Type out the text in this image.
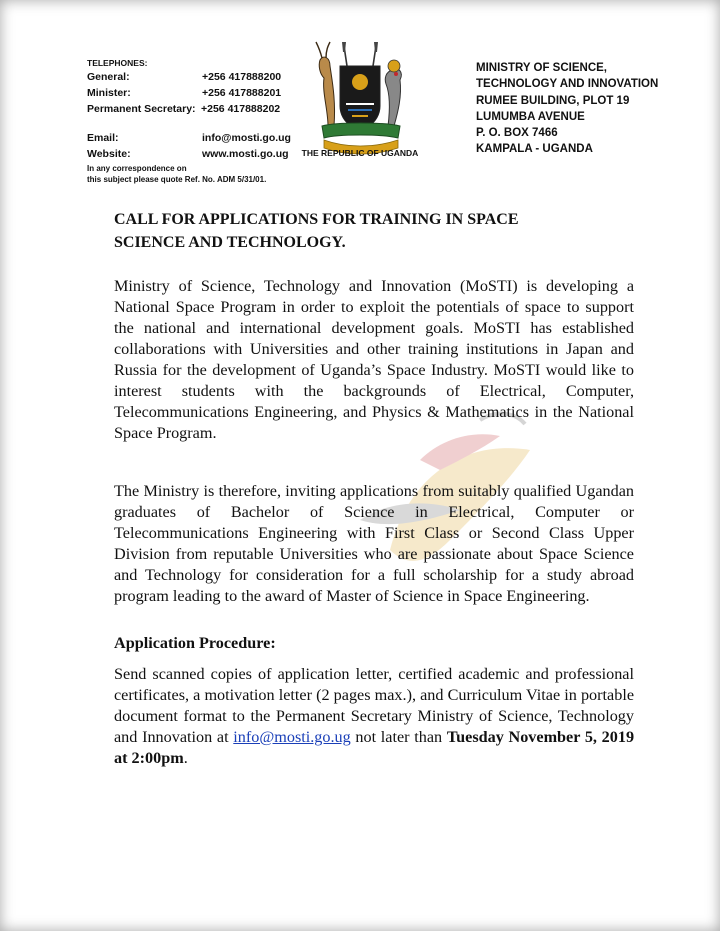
TELEPHONES:
General:	+256 417888200
Minister:	+256 417888201
Permanent Secretary: +256 417888202
Email:	info@mosti.go.ug
Website:	www.mosti.go.ug
In any correspondence on
this subject please quote Ref. No. ADM 5/31/01.
THE REPUBLIC OF UGANDA
MINISTRY OF SCIENCE,
TECHNOLOGY AND INNOVATION
RUMEE BUILDING, PLOT 19
LUMUMBA AVENUE
P. O. BOX 7466
KAMPALA - UGANDA
CALL FOR APPLICATIONS FOR TRAINING IN SPACE
SCIENCE AND TECHNOLOGY.

Ministry of Science, Technology and Innovation (MoSTI) is developing a National Space Program in order to exploit the potentials of space to support the national and international development goals. MoSTI has established collaborations with Universities and other training institutions in Japan and Russia for the development of Uganda’s Space Industry. MoSTI would like to interest students with the backgrounds of Electrical, Computer, Telecommunications Engineering, and Physics & Mathematics in the National Space Program.

The Ministry is therefore, inviting applications from suitably qualified Ugandan graduates of Bachelor of Science in Electrical, Computer or Telecommunications Engineering with First Class or Second Class Upper Division from reputable Universities who are passionate about Space Science and Technology for consideration for a full scholarship for a study abroad program leading to the award of Master of Science in Space Engineering.

Application Procedure:

Send scanned copies of application letter, certified academic and professional certificates, a motivation letter (2 pages max.), and Curriculum Vitae in portable document format to the Permanent Secretary Ministry of Science, Technology and Innovation at info@mosti.go.ug not later than Tuesday November 5, 2019 at 2:00pm.
